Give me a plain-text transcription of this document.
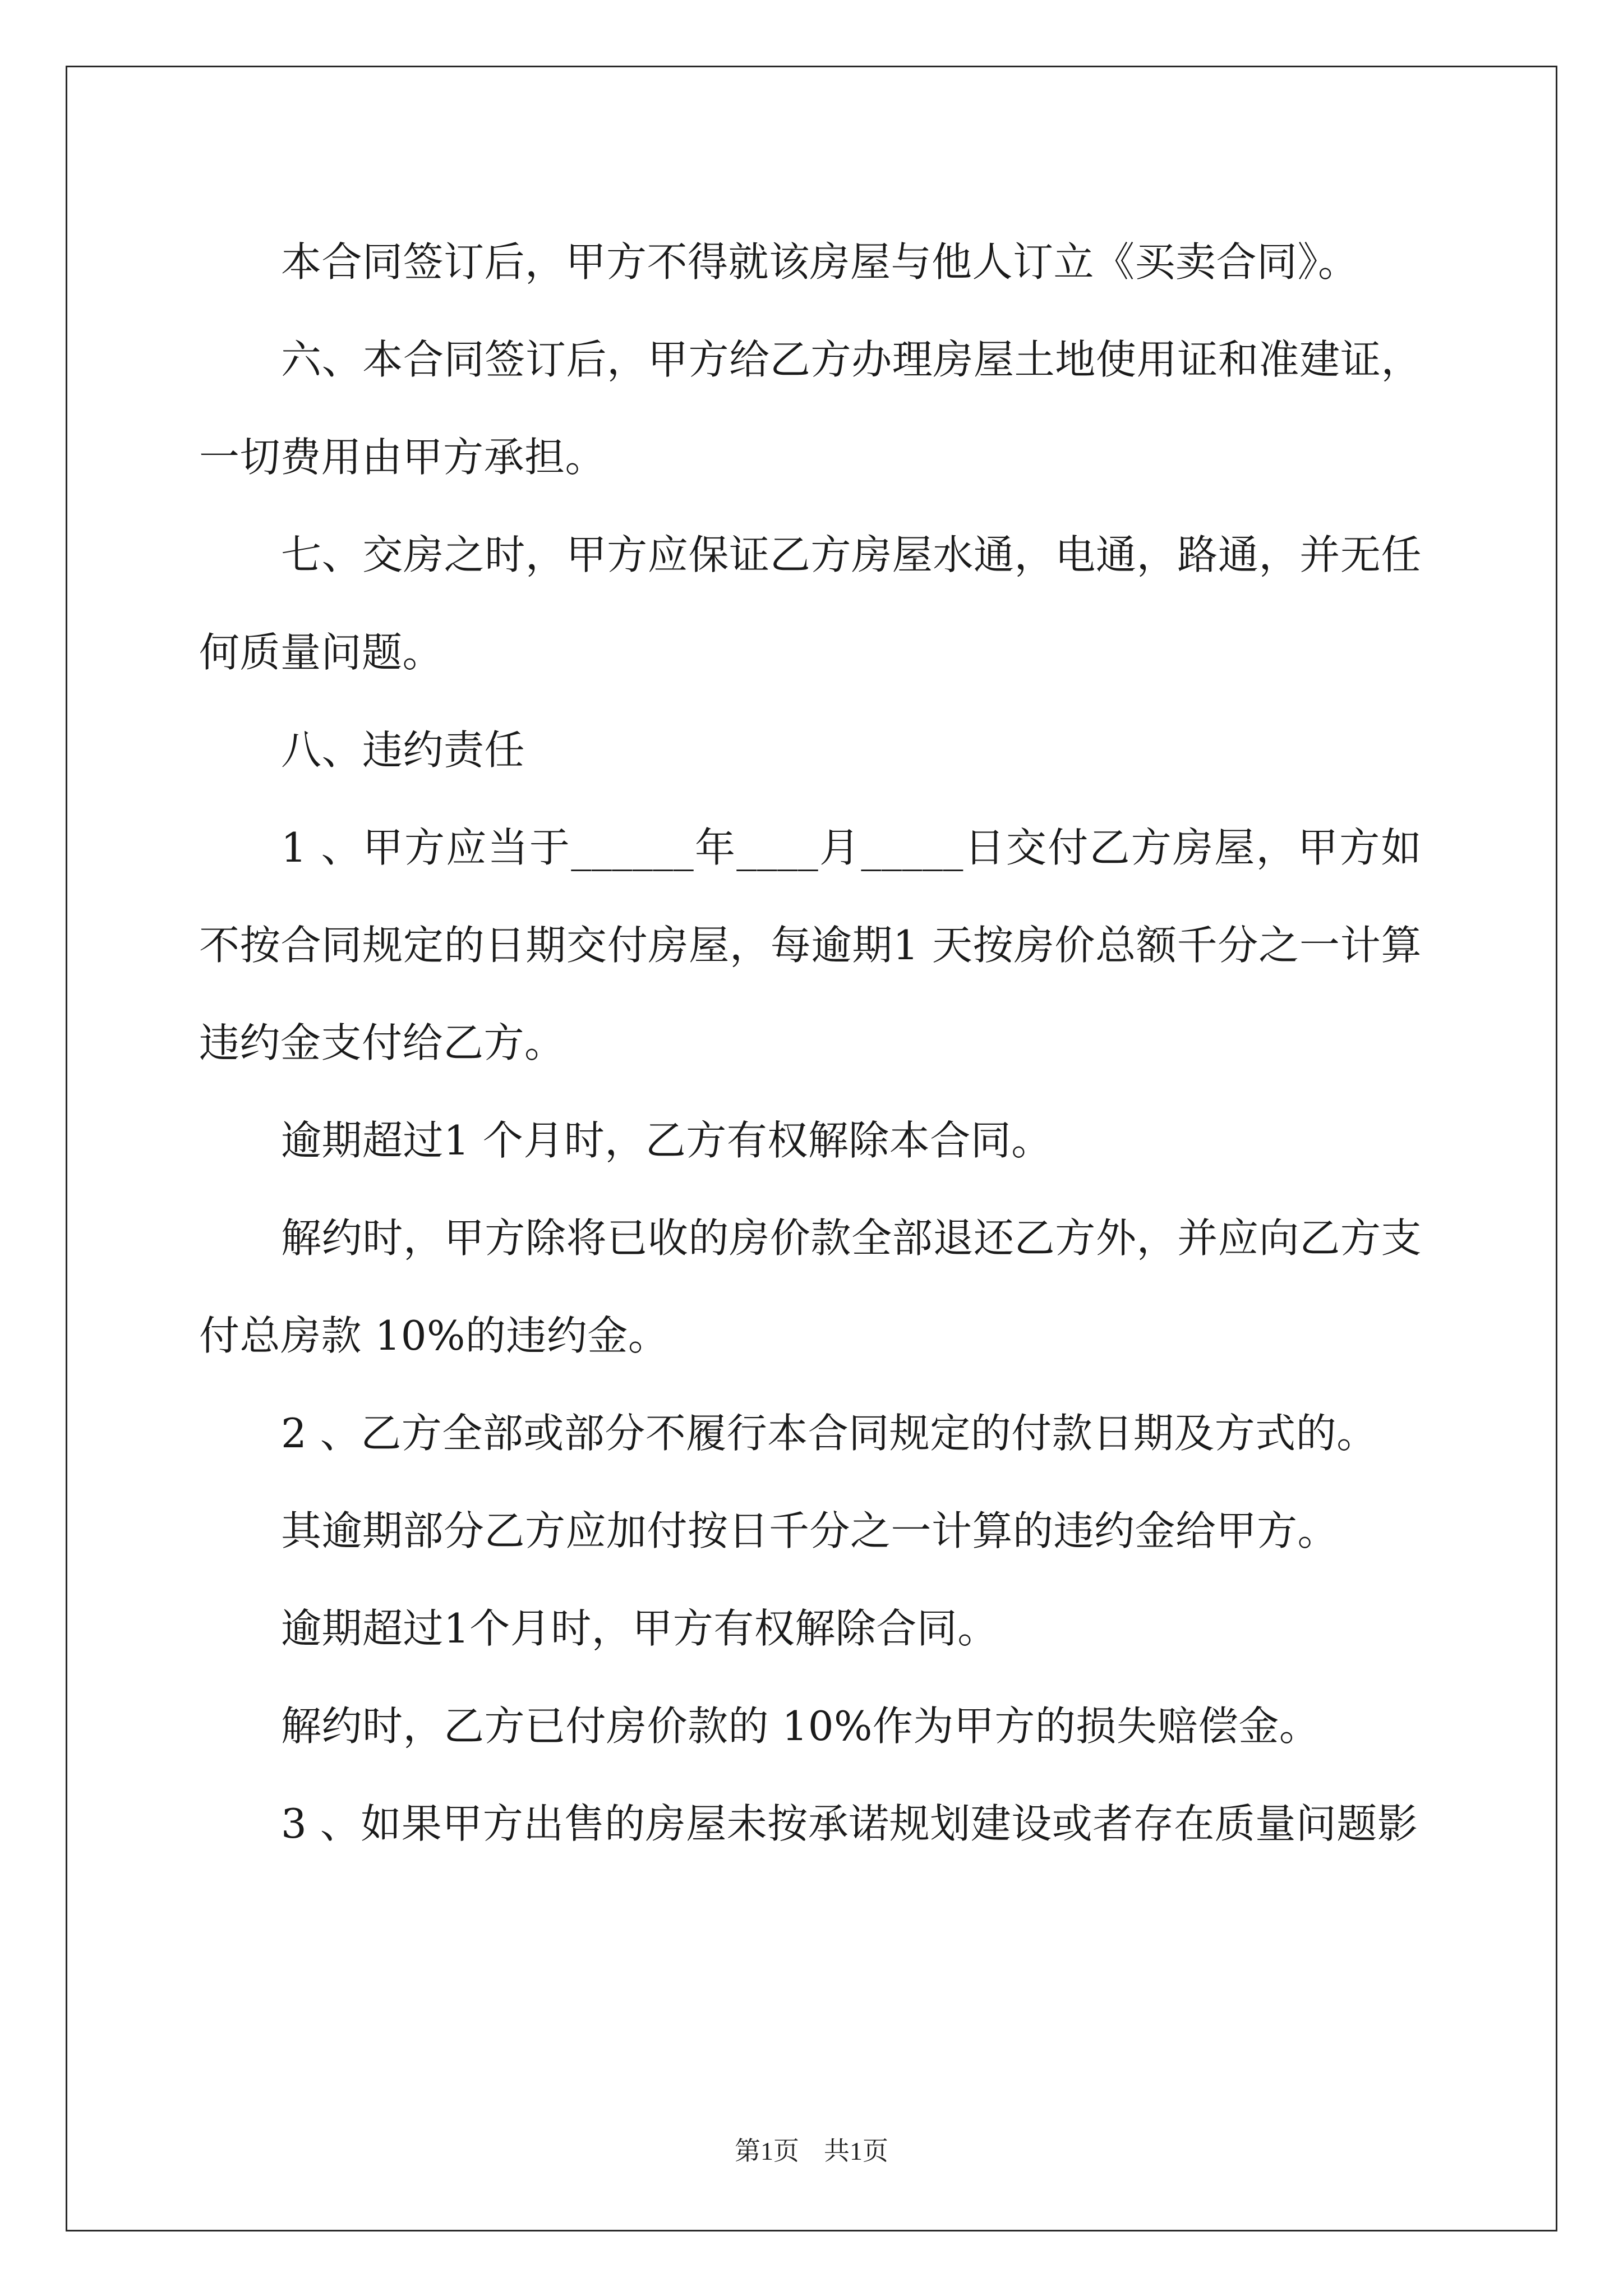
本合同签订后，甲方不得就该房屋与他人订立《买卖合同》。

六、本合同签订后，甲方给乙方办理房屋土地使用证和准建证，一切费用由甲方承担。

七、交房之时，甲方应保证乙方房屋水通，电通，路通，并无任何质量问题。

八、违约责任

1 、甲方应当于______年____月_____日交付乙方房屋，甲方如不按合同规定的日期交付房屋，每逾期1 天按房价总额千分之一计算违约金支付给乙方。

逾期超过1 个月时，乙方有权解除本合同。

解约时，甲方除将已收的房价款全部退还乙方外，并应向乙方支付总房款 10%的违约金。

2 、乙方全部或部分不履行本合同规定的付款日期及方式的。

其逾期部分乙方应加付按日千分之一计算的违约金给甲方。

逾期超过1个月时，甲方有权解除合同。

解约时，乙方已付房价款的 10%作为甲方的损失赔偿金。

3 、如果甲方出售的房屋未按承诺规划建设或者存在质量问题影

第1页 共1页
